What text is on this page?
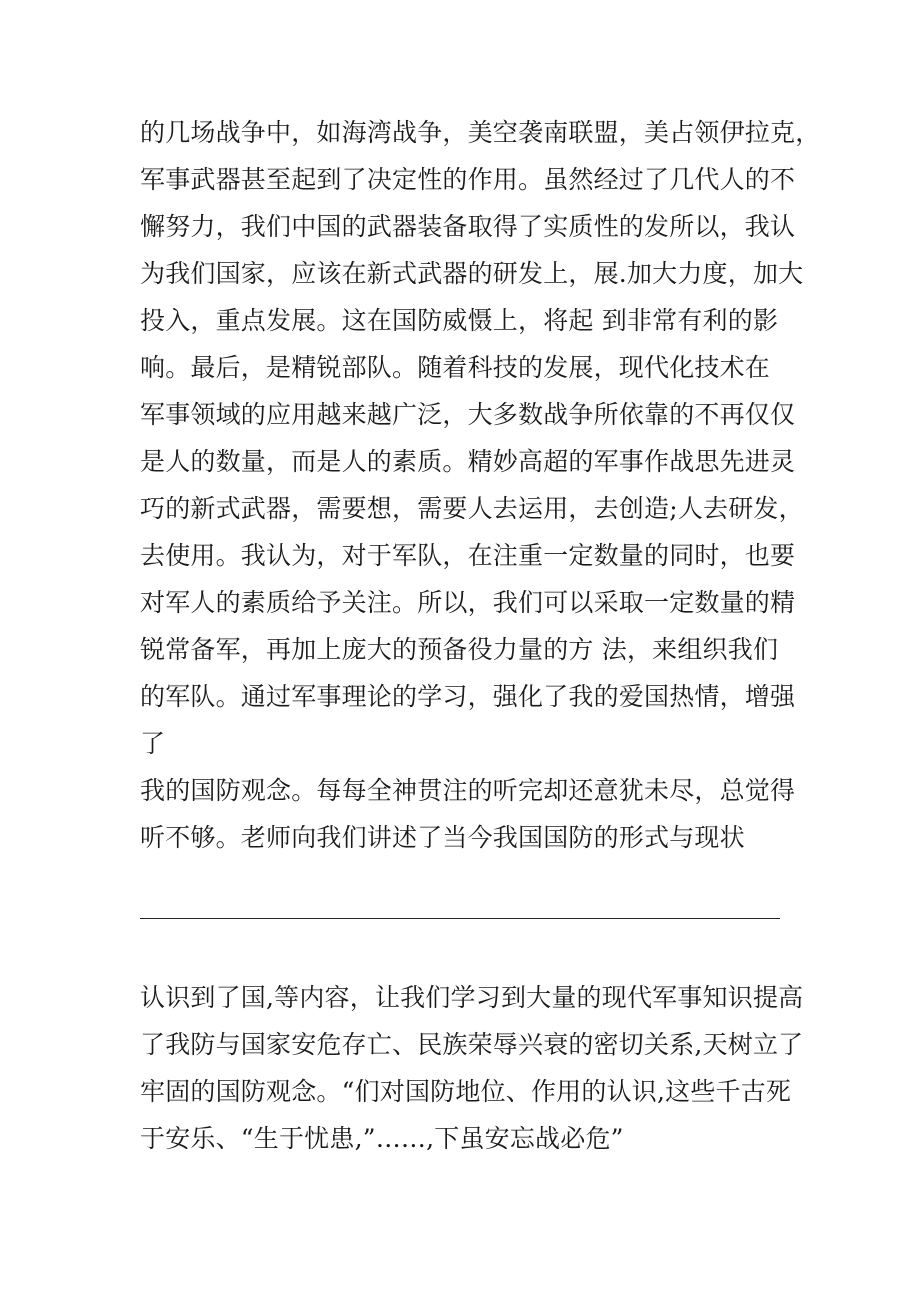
的几场战争中，如海湾战争，美空袭南联盟，美占领伊拉克，
军事武器甚至起到了决定性的作用。虽然经过了几代人的不
懈努力，我们中国的武器装备取得了实质性的发所以，我认
为我们国家，应该在新式武器的研发上，展.加大力度，加大
投入，重点发展。这在国防威慑上，将起 到非常有利的影
响。最后，是精锐部队。随着科技的发展，现代化技术在
军事领域的应用越来越广泛，大多数战争所依靠的不再仅仅
是人的数量，而是人的素质。精妙高超的军事作战思先进灵
巧的新式武器，需要想，需要人去运用，去创造;人去研发，
去使用。我认为，对于军队，在注重一定数量的同时，也要
对军人的素质给予关注。所以，我们可以采取一定数量的精
锐常备军，再加上庞大的预备役力量的方 法，来组织我们
的军队。通过军事理论的学习，强化了我的爱国热情，增强
了
我的国防观念。每每全神贯注的听完却还意犹未尽，总觉得
听不够。老师向我们讲述了当今我国国防的形式与现状
认识到了国,等内容，让我们学习到大量的现代军事知识提高
了我防与国家安危存亡、民族荣辱兴衰的密切关系,天树立了
牢固的国防观念。“们对国防地位、作用的认识,这些千古死
于安乐、“生于忧患,”……,下虽安忘战必危”
